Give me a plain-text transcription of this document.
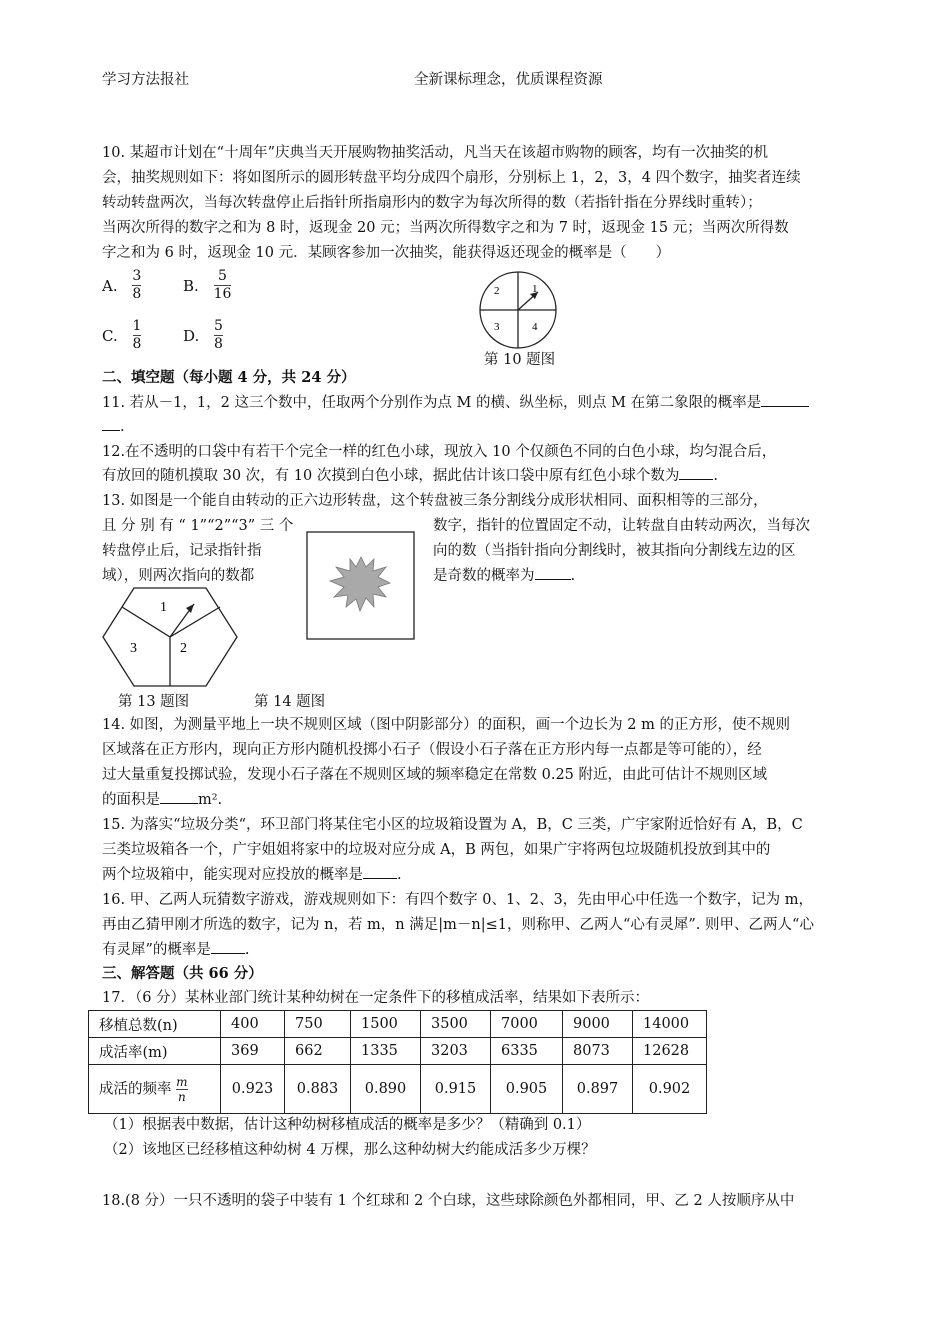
学习方法报社	全新课标理念，优质课程资源
10. 某超市计划在“十周年”庆典当天开展购物抽奖活动，凡当天在该超市购物的顾客，均有一次抽奖的机
会，抽奖规则如下：将如图所示的圆形转盘平均分成四个扇形，分别标上 1，2，3，4 四个数字，抽奖者连续
转动转盘两次，当每次转盘停止后指针所指扇形内的数字为每次所得的数（若指针指在分界线时重转）；
当两次所得的数字之和为 8 时，返现金 20 元；当两次所得数字之和为 7 时，返现金 15 元；当两次所得数
字之和为 6 时，返现金 10 元．某顾客参加一次抽奖，能获得返还现金的概率是（　　）
A. $\frac{3}{8}$	B. $\frac{5}{16}$
C. $\frac{1}{8}$	D. $\frac{5}{8}$
2	1
3	4
第 10 题图
二、填空题（每小题 4 分，共 24 分）
11. 若从－1，1，2 这三个数中，任取两个分别作为点 M 的横、纵坐标，则点 M 在第二象限的概率是
.
12.在不透明的口袋中有若干个完全一样的红色小球，现放入 10 个仅颜色不同的白色小球，均匀混合后，
有放回的随机摸取 30 次，有 10 次摸到白色小球，据此估计该口袋中原有红色小球个数为 .
13. 如图是一个能自由转动的正六边形转盘，这个转盘被三条分割线分成形状相同、面积相等的三部分，
且 分 别 有 “ 1”“2”“3” 三 个
转盘停止后，记录指针指
域），则两次指向的数都
数字，指针的位置固定不动，让转盘自由转动两次，当每次
向的数（当指针指向分割线时，被其指向分割线左边的区
是奇数的概率为 .
1
3	2
第 13 题图	第 14 题图
14. 如图，为测量平地上一块不规则区域（图中阴影部分）的面积，画一个边长为 2 m 的正方形，使不规则
区域落在正方形内，现向正方形内随机投掷小石子（假设小石子落在正方形内每一点都是等可能的），经
过大量重复投掷试验，发现小石子落在不规则区域的频率稳定在常数 0.25 附近，由此可估计不规则区域
的面积是	m².
15. 为落实“垃圾分类“，环卫部门将某住宅小区的垃圾箱设置为 A，B，C 三类，广宇家附近恰好有 A，B，C
三类垃圾箱各一个，广宇姐姐将家中的垃圾对应分成 A，B 两包，如果广宇将两包垃圾随机投放到其中的
两个垃圾箱中，能实现对应投放的概率是 .
16. 甲、乙两人玩猜数字游戏，游戏规则如下：有四个数字 0、1、2、3，先由甲心中任选一个数字，记为 m，
再由乙猜甲刚才所选的数字，记为 n，若 m，n 满足|m－n|≤1，则称甲、乙两人“心有灵犀”. 则甲、乙两人“心
有灵犀”的概率是 .
三、解答题（共 66 分）
17．（6 分）某林业部门统计某种幼树在一定条件下的移植成活率，结果如下表所示：
移植总数(n)	400	750	1500	3500	7000	9000	14000
成活率(m)	369	662	1335	3203	6335	8073	12628
成活的频率 $\frac{m}{n}$	0.923	0.883	0.890	0.915	0.905	0.897	0.902
（1）根据表中数据，估计这种幼树移植成活的概率是多少？（精确到 0.1）
（2）该地区已经移植这种幼树 4 万棵，那么这种幼树大约能成活多少万棵？
18.(8 分）一只不透明的袋子中装有 1 个红球和 2 个白球，这些球除颜色外都相同，甲、乙 2 人按顺序从中
